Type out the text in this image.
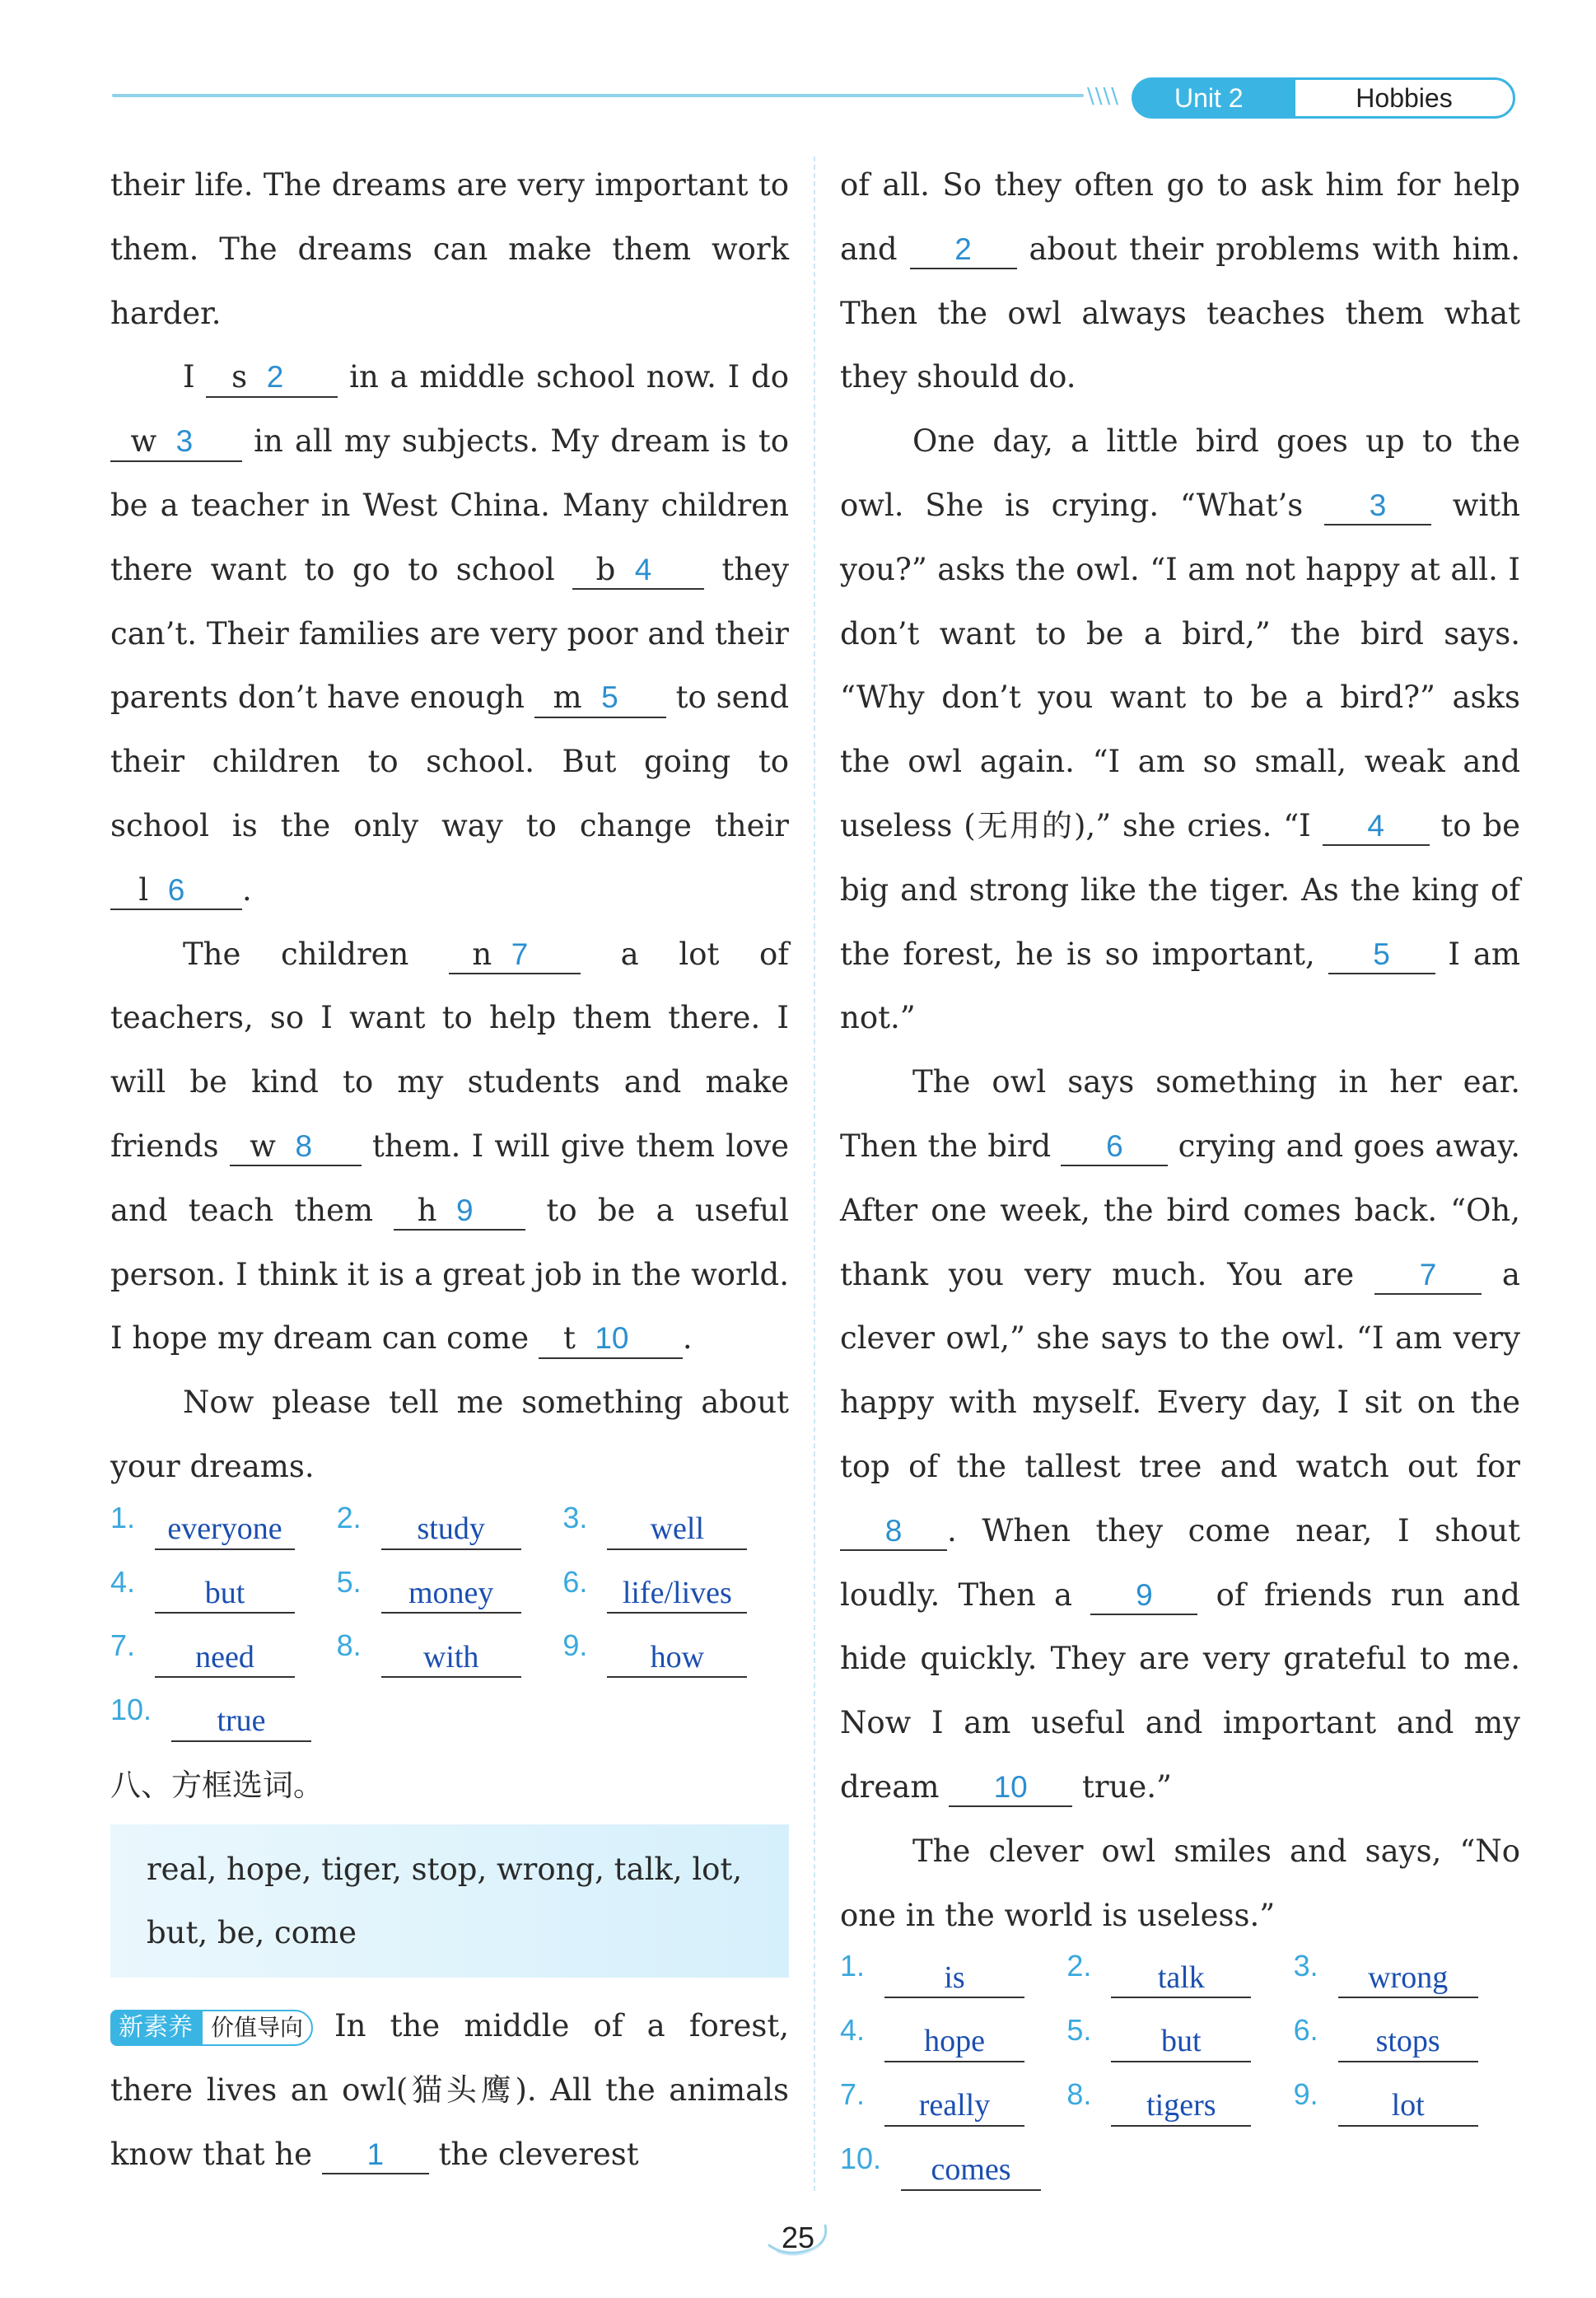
\\\\	Unit 2	Hobbies

their life. The dreams are very important to them. The dreams can make them work harder.

I s 2    in a middle school now. I do w 3    in all my subjects. My dream is to be a teacher in West China. Many children there want to go to school b 4    they can’t. Their families are very poor and their parents don’t have enough m 5    to send their children to school. But going to school is the only way to change their l 6 .

The children n 7    a lot of teachers, so I want to help them there. I will be kind to my students and make friends w 8    them. I will give them love and teach them h 9    to be a useful person. I think it is a great job in the world. I hope my dream can come t 10 .

Now please tell me something about your dreams.

1.	everyone	2.	study	3.	well
4.	but	5.	money	6.	life/lives
7.	need	8.	with	9.	how
10.	true
八、方框选词。
real, hope, tiger, stop, wrong, talk, lot, but, be, come

新素养 价值导向	In the middle of a forest, there lives an owl(猫头鹰). All the animals know that he 1 the cleverest

of all. So they often go to ask him for help and 2 about their problems with him. Then the owl always teaches them what they should do.

One day, a little bird goes up to the owl. She is crying. “What’s 3 with you?” asks the owl. “I am not happy at all. I don’t want to be a bird,” the bird says. “Why don’t you want to be a bird?” asks the owl again. “I am so small, weak and useless (无用的),” she cries. “I 4 to be big and strong like the tiger. As the king of the forest, he is so important, 5 I am not.”

The owl says something in her ear. Then the bird 6 crying and goes away. After one week, the bird comes back. “Oh, thank you very much. You are 7 a clever owl,” she says to the owl. “I am very happy with myself. Every day, I sit on the top of the tallest tree and watch out for 8 . When they come near, I shout loudly. Then a 9 of friends run and hide quickly. They are very grateful to me. Now I am useful and important and my dream 10 true.”

The clever owl smiles and says, “No one in the world is useless.”

1.	is	2.	talk	3.	wrong
4.	hope	5.	but	6.	stops
7.	really	8.	tigers	9.	lot
10.	comes
25
